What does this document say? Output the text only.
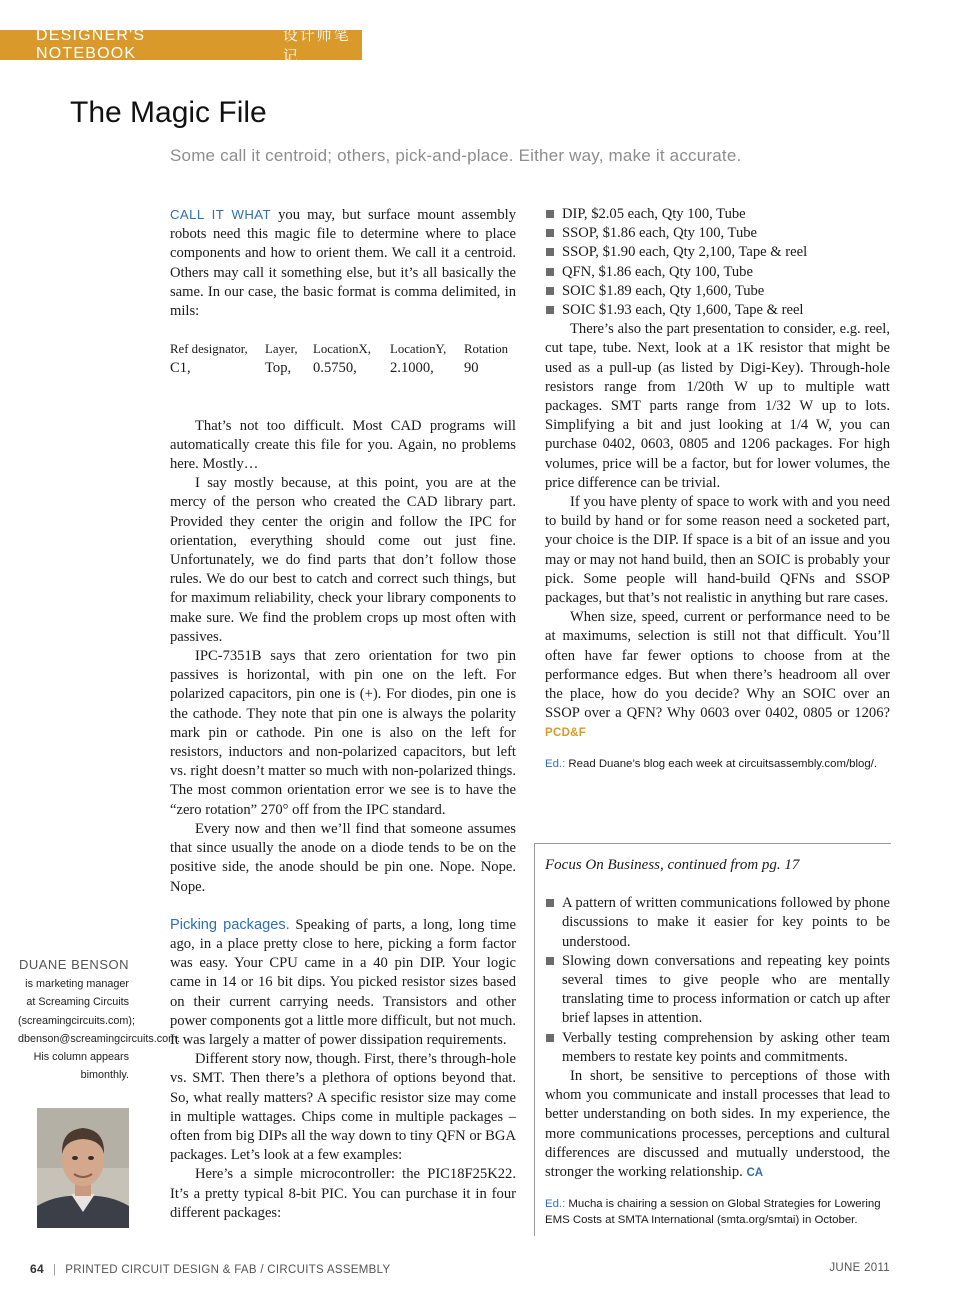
DESIGNER'S NOTEBOOK
设计师笔记
The Magic File
Some call it centroid; others, pick-and-place. Either way, make it accurate.

CALL IT WHAT you may, but surface mount assembly robots need this magic file to determine where to place components and how to orient them. We call it a centroid. Others may call it something else, but it’s all basically the same. In our case, the basic format is comma delimited, in mils:

Ref designator,	Layer,	LocationX,	LocationY,	Rotation
C1,	Top,	0.5750,	2.1000,	90

That’s not too difficult. Most CAD programs will automatically create this file for you. Again, no problems here. Mostly…

I say mostly because, at this point, you are at the mercy of the person who created the CAD library part. Provided they center the origin and follow the IPC for orientation, everything should come out just fine. Unfortunately, we do find parts that don’t follow those rules. We do our best to catch and correct such things, but for maximum reliability, check your library components to make sure. We find the problem crops up most often with passives.

IPC-7351B says that zero orientation for two pin passives is horizontal, with pin one on the left. For polarized capacitors, pin one is (+). For diodes, pin one is the cathode. They note that pin one is always the polarity mark pin or cathode. Pin one is also on the left for resistors, inductors and non-polarized capacitors, but left vs. right doesn’t matter so much with non-polarized things. The most common orientation error we see is to have the “zero rotation” 270° off from the IPC standard.

Every now and then we’ll find that someone assumes that since usually the anode on a diode tends to be on the positive side, the anode should be pin one. Nope. Nope. Nope.

Picking packages. Speaking of parts, a long, long time ago, in a place pretty close to here, picking a form factor was easy. Your CPU came in a 40 pin DIP. Your logic came in 14 or 16 bit dips. You picked resistor sizes based on their current carrying needs. Transistors and other power components got a little more difficult, but not much. It was largely a matter of power dissipation requirements.

Different story now, though. First, there’s through-hole vs. SMT. Then there’s a plethora of options beyond that. So, what really matters? A specific resistor size may come in multiple wattages. Chips come in multiple packages – often from big DIPs all the way down to tiny QFN or BGA packages. Let’s look at a few examples:

Here’s a simple microcontroller: the PIC18F25K22. It’s a pretty typical 8-bit PIC. You can purchase it in four different packages:

DIP, $2.05 each, Qty 100, Tube
SSOP, $1.86 each, Qty 100, Tube
SSOP, $1.90 each, Qty 2,100, Tape & reel
QFN, $1.86 each, Qty 100, Tube
SOIC $1.89 each, Qty 1,600, Tube
SOIC $1.93 each, Qty 1,600, Tape & reel

There’s also the part presentation to consider, e.g. reel, cut tape, tube. Next, look at a 1K resistor that might be used as a pull-up (as listed by Digi-Key). Through-hole resistors range from 1/20th W up to multiple watt packages. SMT parts range from 1/32 W up to lots. Simplifying a bit and just looking at 1/4 W, you can purchase 0402, 0603, 0805 and 1206 packages. For high volumes, price will be a factor, but for lower volumes, the price difference can be trivial.

If you have plenty of space to work with and you need to build by hand or for some reason need a socketed part, your choice is the DIP. If space is a bit of an issue and you may or may not hand build, then an SOIC is probably your pick. Some people will hand-build QFNs and SSOP packages, but that’s not realistic in anything but rare cases.

When size, speed, current or performance need to be at maximums, selection is still not that difficult. You’ll often have far fewer options to choose from at the performance edges. But when there’s headroom all over the place, how do you decide? Why an SOIC over an SSOP over a QFN? Why 0603 over 0402, 0805 or 1206? PCD&F

Ed.: Read Duane’s blog each week at circuitsassembly.com/blog/.
Focus On Business, continued from pg. 17
A pattern of written communications followed by phone discussions to make it easier for key points to be understood.
Slowing down conversations and repeating key points several times to give people who are mentally translating time to process information or catch up after brief lapses in attention.
Verbally testing comprehension by asking other team members to restate key points and commitments.

In short, be sensitive to perceptions of those with whom you communicate and install processes that lead to better understanding on both sides. In my experience, the more communications processes, perceptions and cultural differences are discussed and mutually understood, the stronger the working relationship. CA

Ed.: Mucha is chairing a session on Global Strategies for Lowering EMS Costs at SMTA International (smta.org/smtai) in October.
DUANE BENSON
is marketing manager at Screaming Circuits (screamingcircuits.com); dbenson@screamingcircuits.com. His column appears bimonthly.
64 | PRINTED CIRCUIT DESIGN & FAB / CIRCUITS ASSEMBLY	JUNE 2011
